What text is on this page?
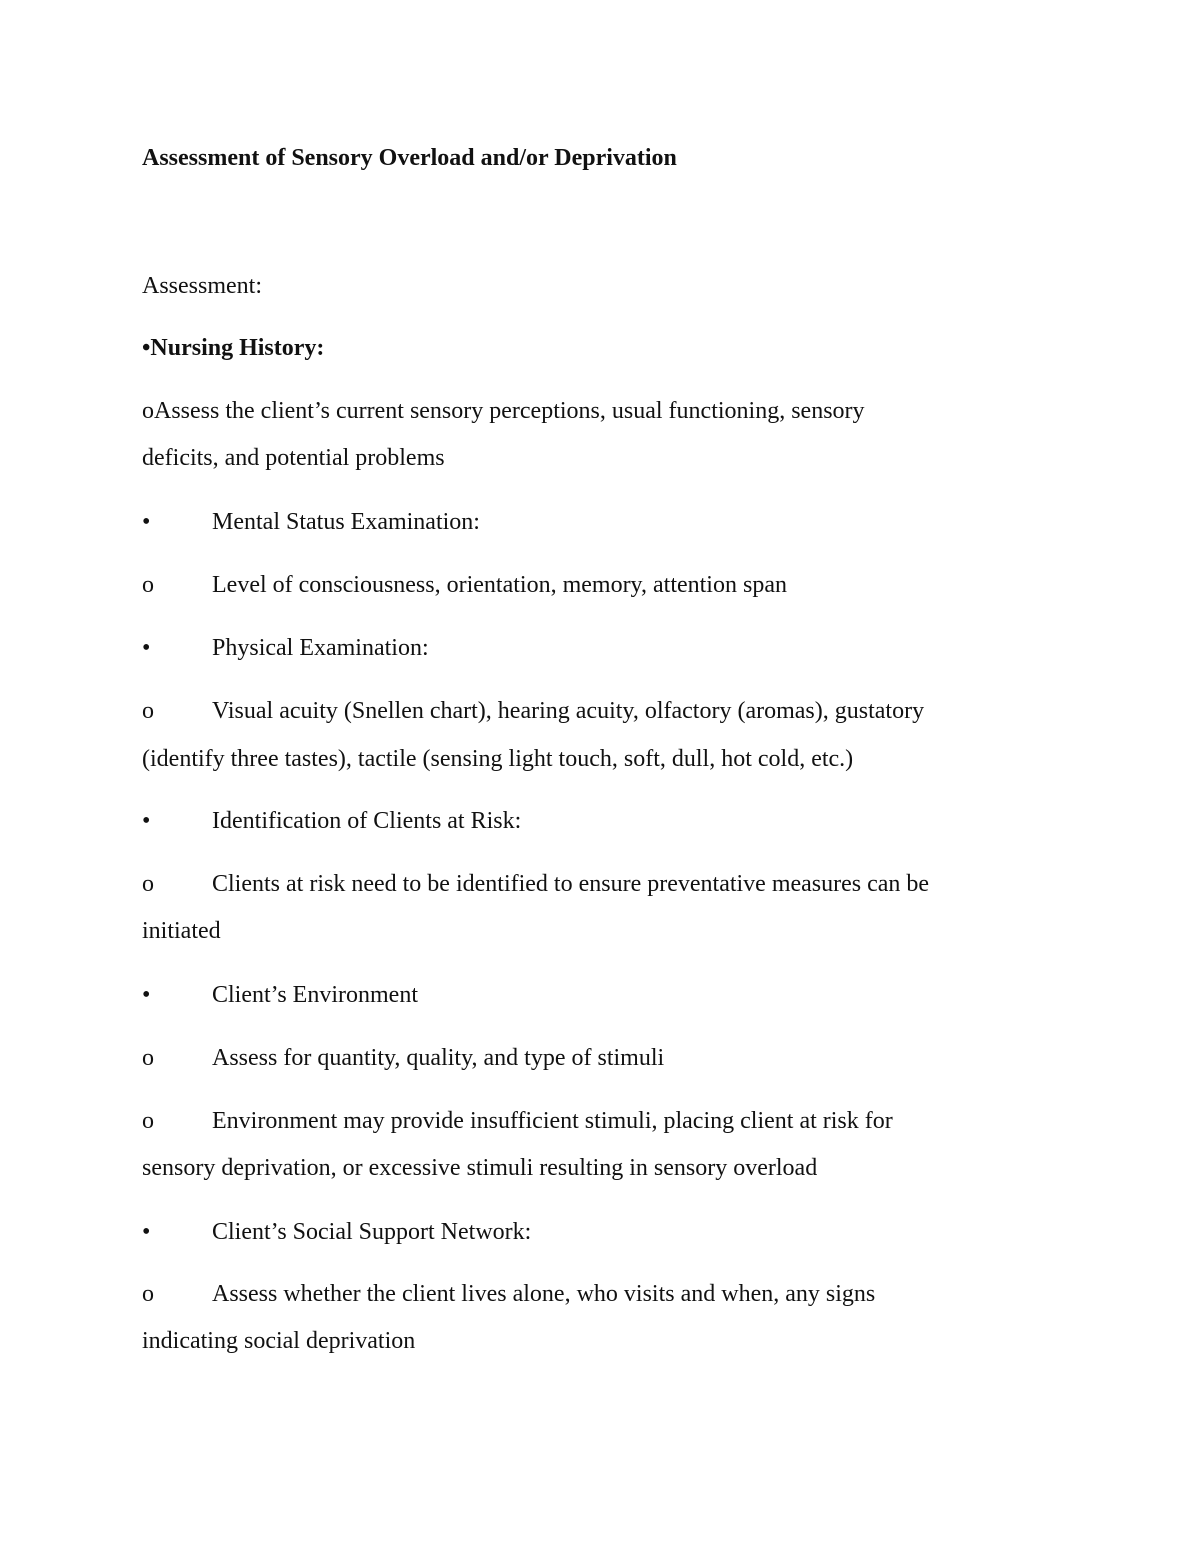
Assessment of Sensory Overload and/or Deprivation
Assessment:
•Nursing History:
oAssess the client’s current sensory perceptions, usual functioning, sensory
deficits, and potential problems
•	Mental Status Examination:
o Level of consciousness, orientation, memory, attention span
•	Physical Examination:
o Visual acuity (Snellen chart), hearing acuity, olfactory (aromas), gustatory
(identify three tastes), tactile (sensing light touch, soft, dull, hot cold, etc.)
•	Identification of Clients at Risk:
o Clients at risk need to be identified to ensure preventative measures can be
initiated
•	Client’s Environment
o Assess for quantity, quality, and type of stimuli
o Environment may provide insufficient stimuli, placing client at risk for
sensory deprivation, or excessive stimuli resulting in sensory overload
•	Client’s Social Support Network:
o Assess whether the client lives alone, who visits and when, any signs
indicating social deprivation
